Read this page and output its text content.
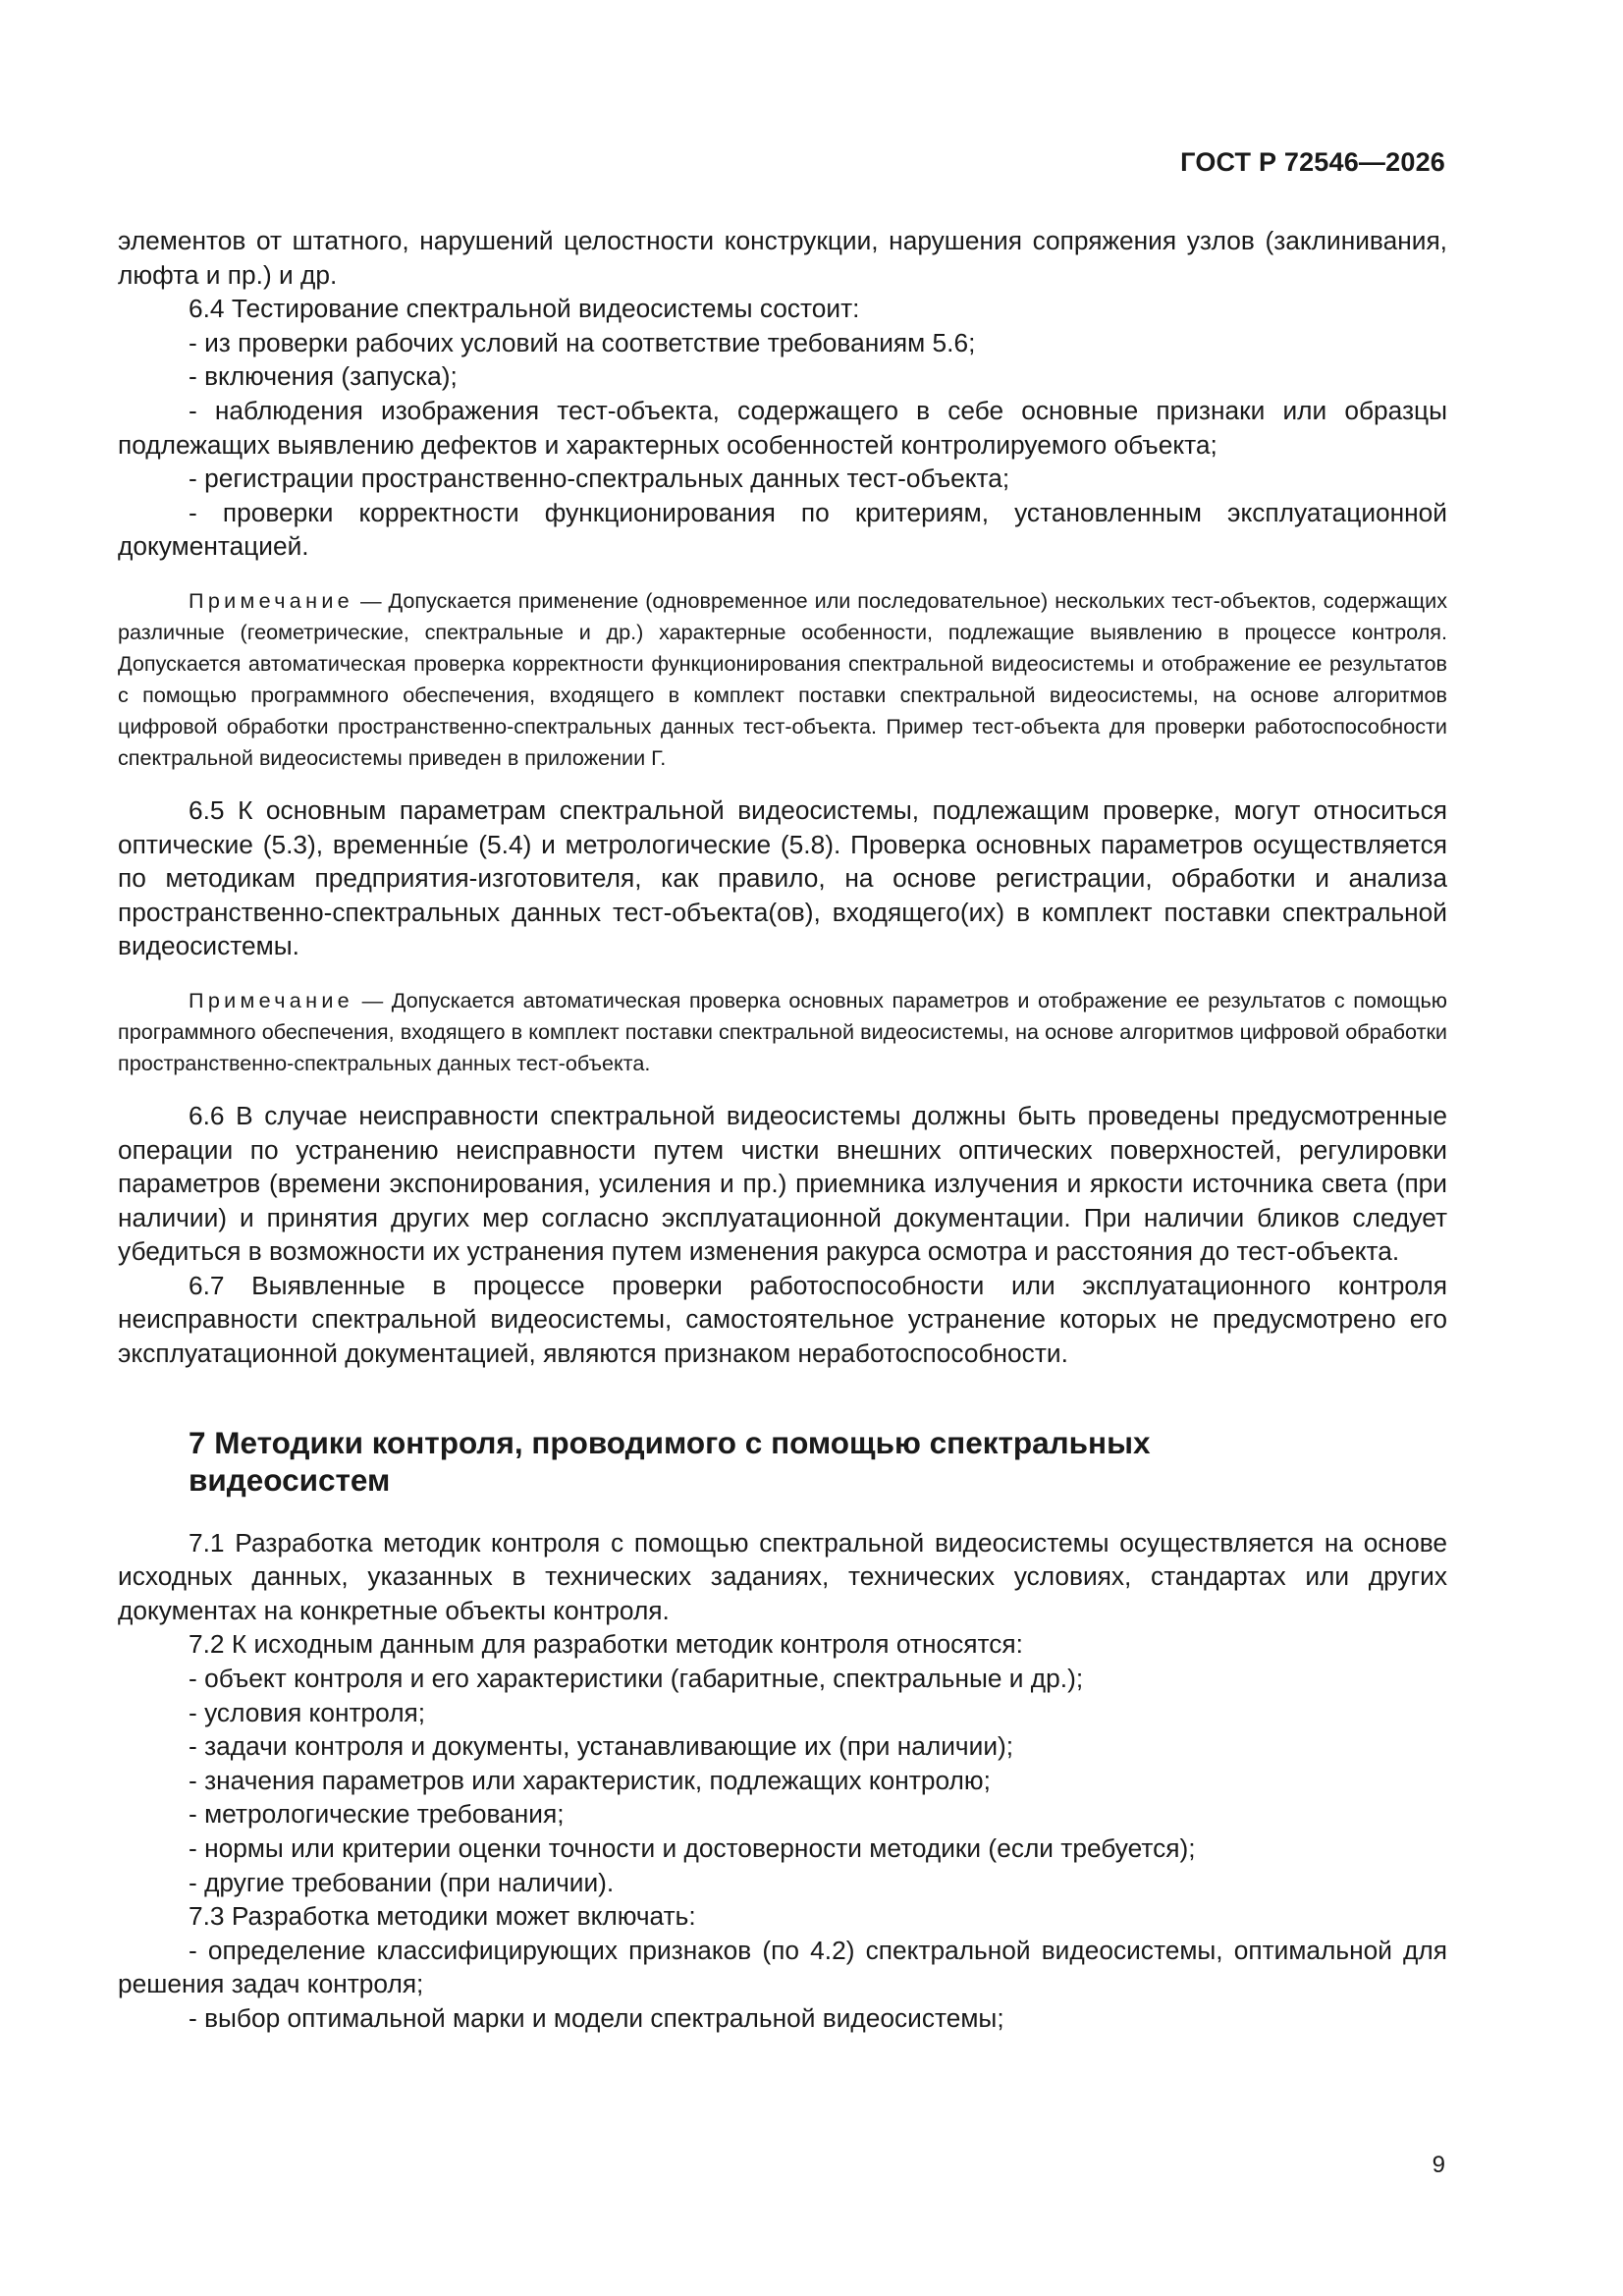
ГОСТ Р 72546—2026

элементов от штатного, нарушений целостности конструкции, нарушения сопряжения узлов (заклинивания, люфта и пр.) и др.

6.4 Тестирование спектральной видеосистемы состоит:

- из проверки рабочих условий на соответствие требованиям 5.6;

- включения (запуска);

- наблюдения изображения тест-объекта, содержащего в себе основные признаки или образцы подлежащих выявлению дефектов и характерных особенностей контролируемого объекта;

- регистрации пространственно-спектральных данных тест-объекта;

- проверки корректности функционирования по критериям, установленным эксплуатационной документацией.

Примечание — Допускается применение (одновременное или последовательное) нескольких тест-объектов, содержащих различные (геометрические, спектральные и др.) характерные особенности, подлежащие выявлению в процессе контроля. Допускается автоматическая проверка корректности функционирования спектральной видеосистемы и отображение ее результатов с помощью программного обеспечения, входящего в комплект поставки спектральной видеосистемы, на основе алгоритмов цифровой обработки пространственно-спектральных данных тест-объекта. Пример тест-объекта для проверки работоспособности спектральной видеосистемы приведен в приложении Г.

6.5 К основным параметрам спектральной видеосистемы, подлежащим проверке, могут относиться оптические (5.3), временны́е (5.4) и метрологические (5.8). Проверка основных параметров осуществляется по методикам предприятия-изготовителя, как правило, на основе регистрации, обработки и анализа пространственно-спектральных данных тест-объекта(ов), входящего(их) в комплект поставки спектральной видеосистемы.

Примечание — Допускается автоматическая проверка основных параметров и отображение ее результатов с помощью программного обеспечения, входящего в комплект поставки спектральной видеосистемы, на основе алгоритмов цифровой обработки пространственно-спектральных данных тест-объекта.

6.6 В случае неисправности спектральной видеосистемы должны быть проведены предусмотренные операции по устранению неисправности путем чистки внешних оптических поверхностей, регулировки параметров (времени экспонирования, усиления и пр.) приемника излучения и яркости источника света (при наличии) и принятия других мер согласно эксплуатационной документации. При наличии бликов следует убедиться в возможности их устранения путем изменения ракурса осмотра и расстояния до тест-объекта.

6.7 Выявленные в процессе проверки работоспособности или эксплуатационного контроля неисправности спектральной видеосистемы, самостоятельное устранение которых не предусмотрено его эксплуатационной документацией, являются признаком неработоспособности.

7 Методики контроля, проводимого с помощью спектральных
видеосистем

7.1 Разработка методик контроля с помощью спектральной видеосистемы осуществляется на основе исходных данных, указанных в технических заданиях, технических условиях, стандартах или других документах на конкретные объекты контроля.

7.2 К исходным данным для разработки методик контроля относятся:

- объект контроля и его характеристики (габаритные, спектральные и др.);

- условия контроля;

- задачи контроля и документы, устанавливающие их (при наличии);

- значения параметров или характеристик, подлежащих контролю;

- метрологические требования;

- нормы или критерии оценки точности и достоверности методики (если требуется);

- другие требовании (при наличии).

7.3 Разработка методики может включать:

- определение классифицирующих признаков (по 4.2) спектральной видеосистемы, оптимальной для решения задач контроля;

- выбор оптимальной марки и модели спектральной видеосистемы;

9
